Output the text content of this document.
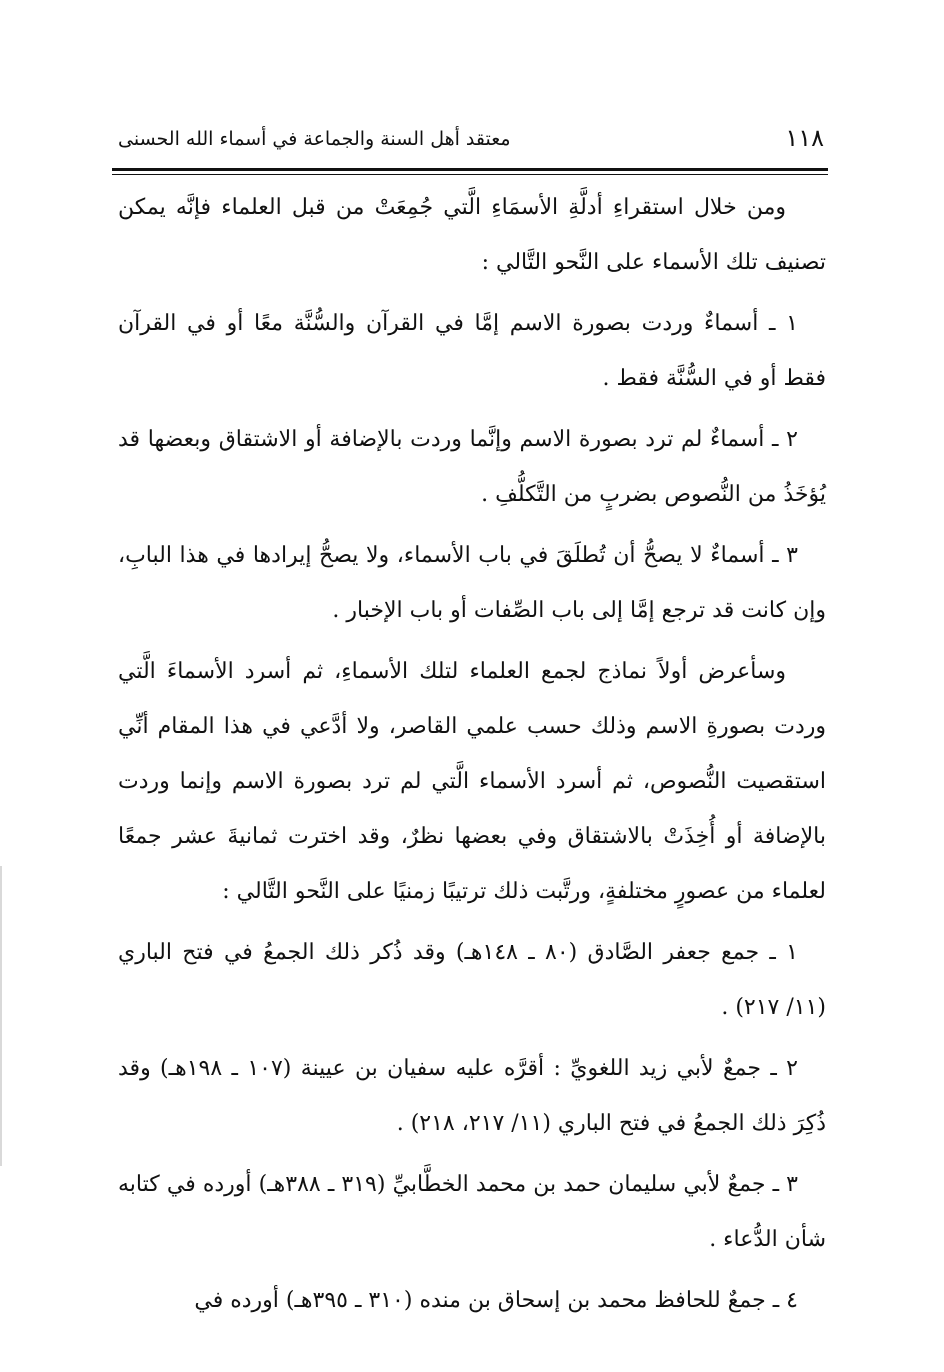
١١٨
معتقد أهل السنة والجماعة في أسماء الله الحسنى

ومن خلال استقراءِ أدلَّةِ الأسمَاءِ الَّتي جُمِعَتْ من قبل العلماء فإنَّه يمكن تصنيف تلك الأسماء على النَّحو التَّالي :

١ ـ أسماءٌ وردت بصورة الاسم إمَّا في القرآن والسُّنَّة معًا أو في القرآن فقط أو في السُّنَّة فقط .

٢ ـ أسماءٌ لم ترد بصورة الاسم وإنَّما وردت بالإضافة أو الاشتقاق وبعضها قد يُؤخَذُ من النُّصوص بضربٍ من التَّكلُّفِ .

٣ ـ أسماءٌ لا يصحُّ أن تُطلَقَ في باب الأسماء، ولا يصحُّ إيرادها في هذا البابِ، وإن كانت قد ترجع إمَّا إلى باب الصِّفات أو باب الإخبار .

وسأعرض أولاً نماذج لجمع العلماء لتلك الأسماءِ، ثم أسرد الأسماءَ الَّتي وردت بصورةِ الاسم وذلك حسب علمي القاصر، ولا أدَّعي في هذا المقام أنِّي استقصيت النُّصوص، ثم أسرد الأسماء الَّتي لم ترد بصورة الاسم وإنما وردت بالإضافة أو أُخِذَتْ بالاشتقاق وفي بعضها نظرٌ، وقد اخترت ثمانيةَ عشر جمعًا لعلماء من عصورٍ مختلفةٍ، ورتَّبت ذلك ترتيبًا زمنيًا على النَّحو التَّالي :

١ ـ جمع جعفر الصَّادق (٨٠ ـ ١٤٨هـ) وقد ذُكر ذلك الجمعُ في فتح الباري (١١/ ٢١٧) .

٢ ـ جمعٌ لأبي زيد اللغويِّ : أقرَّه عليه سفيان بن عيينة (١٠٧ ـ ١٩٨هـ) وقد ذُكِرَ ذلك الجمعُ في فتح الباري (١١/ ٢١٧، ٢١٨) .

٣ ـ جمعٌ لأبي سليمان حمد بن محمد الخطَّابيِّ (٣١٩ ـ ٣٨٨هـ) أورده في كتابه شأن الدُّعاء .

٤ ـ جمعٌ للحافظ محمد بن إسحاق بن منده (٣١٠ ـ ٣٩٥هـ) أورده في
